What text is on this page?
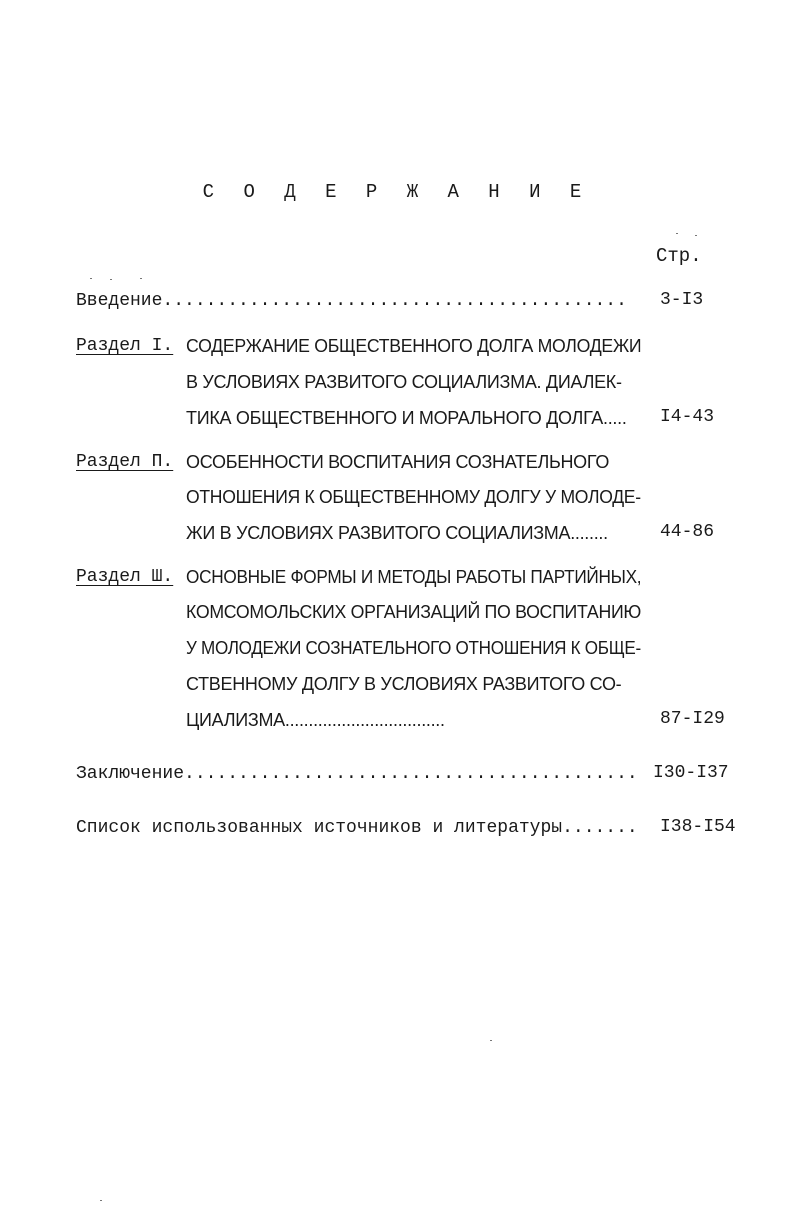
С О Д Е Р Ж А Н И Е
Стр.
Введение........................................... 3-I3
Раздел I. СОДЕРЖАНИЕ ОБЩЕСТВЕННОГО ДОЛГА МОЛОДЕЖИ
В УСЛОВИЯХ РАЗВИТОГО СОЦИАЛИЗМА. ДИАЛЕК-
ТИКА ОБЩЕСТВЕННОГО И МОРАЛЬНОГО ДОЛГА..... I4-43
Раздел П. ОСОБЕННОСТИ ВОСПИТАНИЯ СОЗНАТЕЛЬНОГО
ОТНОШЕНИЯ К ОБЩЕСТВЕННОМУ ДОЛГУ У МОЛОДЕ-
ЖИ В УСЛОВИЯХ РАЗВИТОГО СОЦИАЛИЗМА........	44-86
Раздел Ш. ОСНОВНЫЕ ФОРМЫ И МЕТОДЫ РАБОТЫ ПАРТИЙНЫХ,
КОМСОМОЛЬСКИХ ОРГАНИЗАЦИЙ ПО ВОСПИТАНИЮ
У МОЛОДЕЖИ СОЗНАТЕЛЬНОГО ОТНОШЕНИЯ К ОБЩЕ-
СТВЕННОМУ ДОЛГУ В УСЛОВИЯХ РАЗВИТОГО СО-
ЦИАЛИЗМА..................................	87-I29
Заключение.......................................... I30-I37
Список использованных источников и литературы....... I38-I54
